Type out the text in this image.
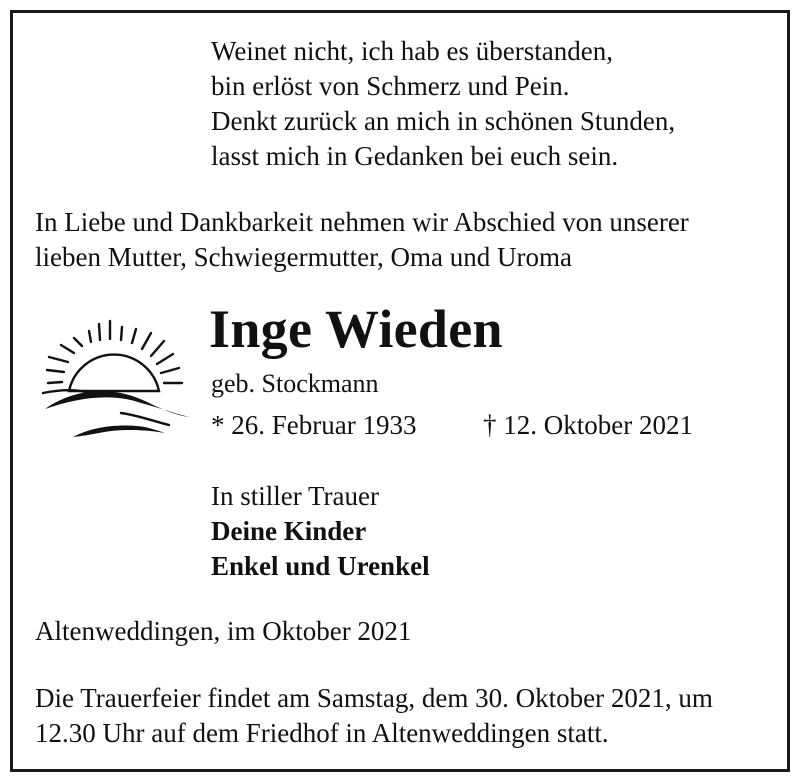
Weinet nicht, ich hab es überstanden,
bin erlöst von Schmerz und Pein.
Denkt zurück an mich in schönen Stunden,
lasst mich in Gedanken bei euch sein.
In Liebe und Dankbarkeit nehmen wir Abschied von unserer
lieben Mutter, Schwiegermutter, Oma und Uroma
Inge Wieden
geb. Stockmann
* 26. Februar 1933 † 12. Oktober 2021
In stiller Trauer
Deine Kinder
Enkel und Urenkel
Altenweddingen, im Oktober 2021
Die Trauerfeier findet am Samstag, dem 30. Oktober 2021, um
12.30 Uhr auf dem Friedhof in Altenweddingen statt.
